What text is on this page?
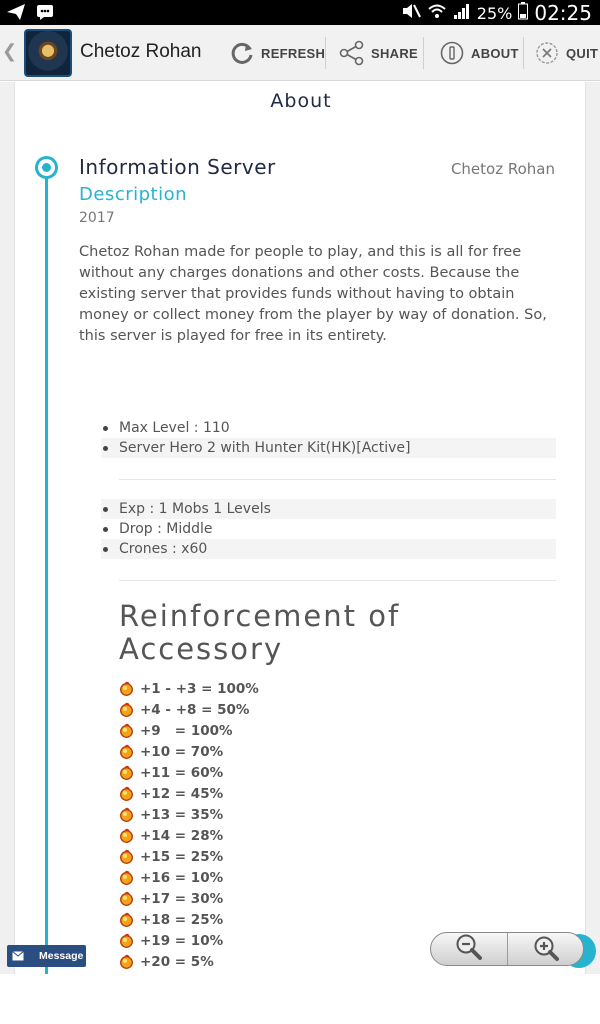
25% 02:25
❮	Chetoz Rohan	REFRESH	SHARE	ABOUT	QUIT
About
Information Server	Chetoz Rohan
Description
2017
Chetoz Rohan made for people to play, and this is all for free without any charges donations and other costs. Because the existing server that provides funds without having to obtain money or collect money from the player by way of donation. So, this server is played for free in its entirety.
Max Level : 110
Server Hero 2 with Hunter Kit(HK)[Active]
Exp : 1 Mobs 1 Levels
Drop : Middle
Crones : x60
Reinforcement of Accessory
+1 - +3 = 100%
+4 - +8 = 50%
+9   = 100%
+10 = 70%
+11 = 60%
+12 = 45%
+13 = 35%
+14 = 28%
+15 = 25%
+16 = 10%
+17 = 30%
+18 = 25%
+19 = 10%
+20 = 5%
Message
